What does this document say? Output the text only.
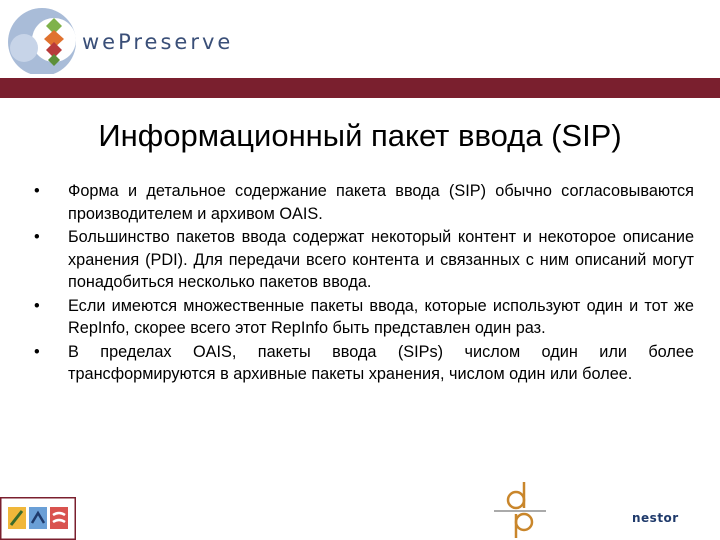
wePreserve
Информационный пакет ввода (SIP)
• Форма и детальное содержание пакета ввода (SIP) обычно согласовываются производителем и архивом OAIS.
• Большинство пакетов ввода содержат некоторый контент и некоторое описание хранения (PDI). Для передачи всего контента и связанных с ним описаний могут понадобиться несколько пакетов ввода.
• Если имеются множественные пакеты ввода, которые используют один и тот же RepInfo, скорее всего этот RepInfo быть представлен один раз.
• В пределах OAIS, пакеты ввода (SIPs) числом один или более трансформируются в архивные пакеты хранения, числом один или более.
nestor
